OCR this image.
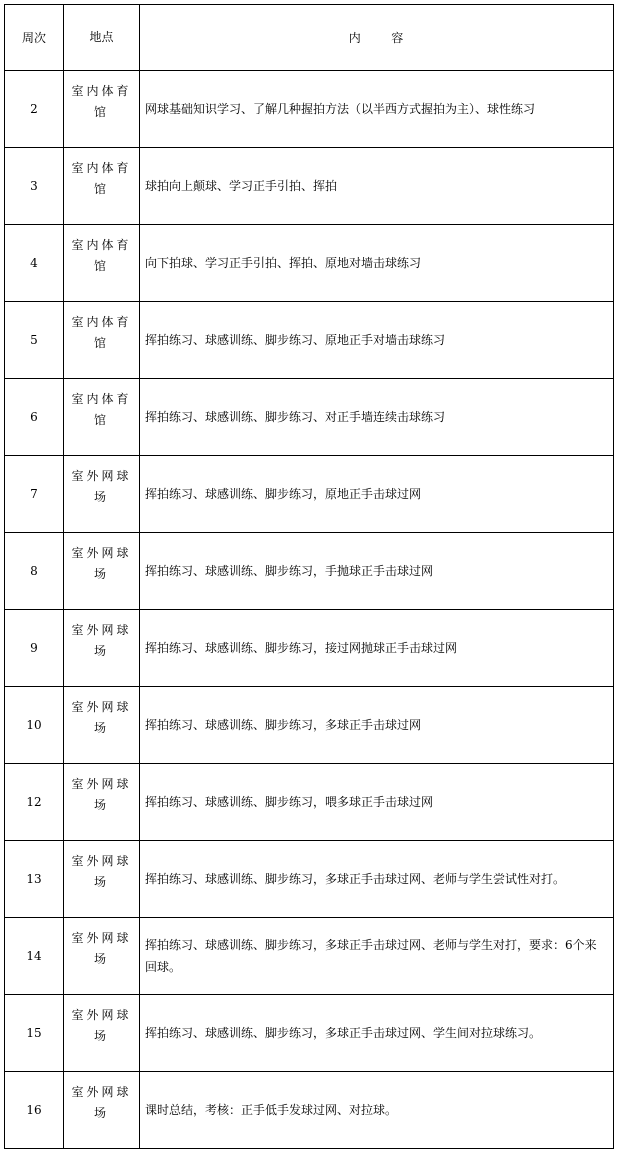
周次	地点	内        容
2	室内体育馆	网球基础知识学习、了解几种握拍方法（以半西方式握拍为主）、球性练习
3	室内体育馆	球拍向上颠球、学习正手引拍、挥拍
4	室内体育馆	向下拍球、学习正手引拍、挥拍、原地对墙击球练习
5	室内体育馆	挥拍练习、球感训练、脚步练习、原地正手对墙击球练习
6	室内体育馆	挥拍练习、球感训练、脚步练习、对正手墙连续击球练习
7	室外网球场	挥拍练习、球感训练、脚步练习，原地正手击球过网
8	室外网球场	挥拍练习、球感训练、脚步练习，手抛球正手击球过网
9	室外网球场	挥拍练习、球感训练、脚步练习，接过网抛球正手击球过网
10	室外网球场	挥拍练习、球感训练、脚步练习，多球正手击球过网
12	室外网球场	挥拍练习、球感训练、脚步练习，喂多球正手击球过网
13	室外网球场	挥拍练习、球感训练、脚步练习，多球正手击球过网、老师与学生尝试性对打。
14	室外网球场	挥拍练习、球感训练、脚步练习，多球正手击球过网、老师与学生对打，要求：6个来回球。
15	室外网球场	挥拍练习、球感训练、脚步练习，多球正手击球过网、学生间对拉球练习。
16	室外网球场	课时总结，考核：正手低手发球过网、对拉球。
